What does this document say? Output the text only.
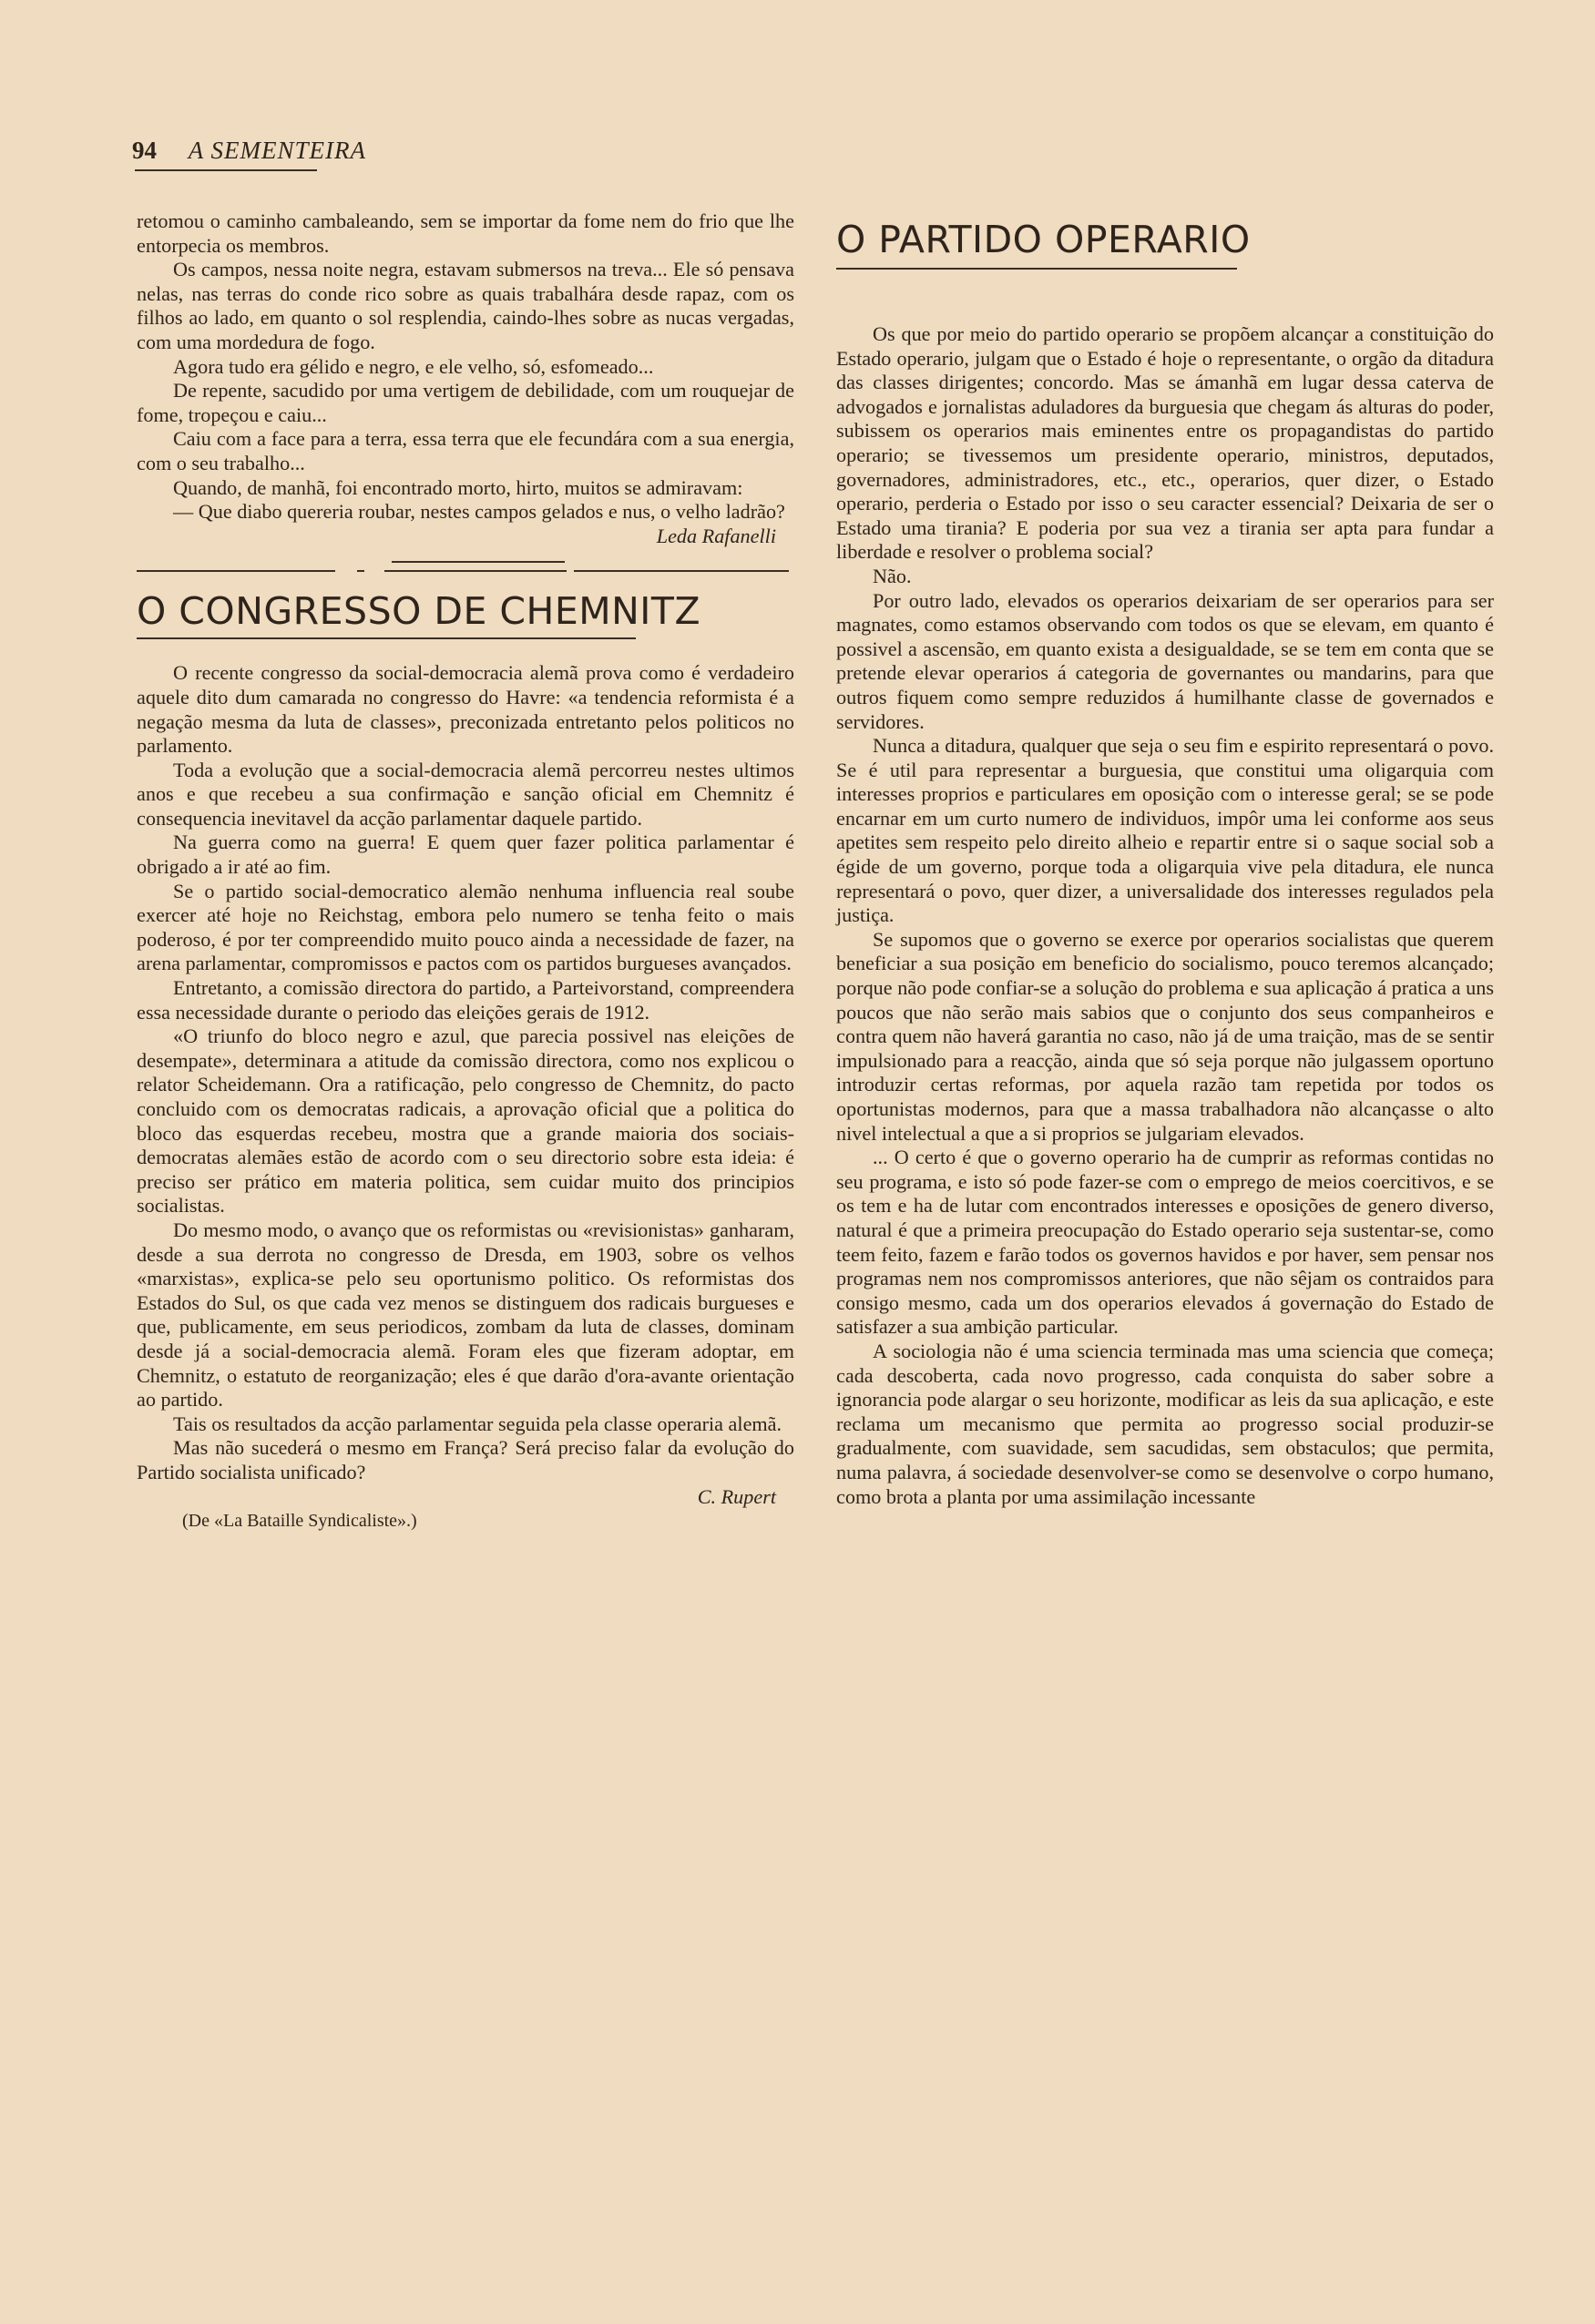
94 A SEMENTEIRA

retomou o caminho cambaleando, sem se importar da fome nem do frio que lhe entorpecia os membros.

Os campos, nessa noite negra, estavam submersos na treva... Ele só pensava nelas, nas terras do conde rico sobre as quais trabalhára desde rapaz, com os filhos ao lado, em quanto o sol resplendia, caindo-lhes sobre as nucas vergadas, com uma mordedura de fogo.

Agora tudo era gélido e negro, e ele velho, só, esfomeado...

De repente, sacudido por uma vertigem de debilidade, com um rouquejar de fome, tropeçou e caiu...

Caiu com a face para a terra, essa terra que ele fecundára com a sua energia, com o seu trabalho...

Quando, de manhã, foi encontrado morto, hirto, muitos se admiravam:

— Que diabo quereria roubar, nestes campos gelados e nus, o velho ladrão?

Leda Rafanelli

O CONGRESSO DE CHEMNITZ

O recente congresso da social-democracia alemã prova como é verdadeiro aquele dito dum camarada no congresso do Havre: «a tendencia reformista é a negação mesma da luta de classes», preconizada entretanto pelos politicos no parlamento.

Toda a evolução que a social-democracia alemã percorreu nestes ultimos anos e que recebeu a sua confirmação e sanção oficial em Chemnitz é consequencia inevitavel da acção parlamentar daquele partido.

Na guerra como na guerra! E quem quer fazer politica parlamentar é obrigado a ir até ao fim.

Se o partido social-democratico alemão nenhuma influencia real soube exercer até hoje no Reichstag, embora pelo numero se tenha feito o mais poderoso, é por ter compreendido muito pouco ainda a necessidade de fazer, na arena parlamentar, compromissos e pactos com os partidos burgueses avançados.

Entretanto, a comissão directora do partido, a Parteivorstand, compreendera essa necessidade durante o periodo das eleições gerais de 1912.

«O triunfo do bloco negro e azul, que parecia possivel nas eleições de desempate», determinara a atitude da comissão directora, como nos explicou o relator Scheidemann. Ora a ratificação, pelo congresso de Chemnitz, do pacto concluido com os democratas radicais, a aprovação oficial que a politica do bloco das esquerdas recebeu, mostra que a grande maioria dos sociais-democratas alemães estão de acordo com o seu directorio sobre esta ideia: é preciso ser prático em materia politica, sem cuidar muito dos principios socialistas.

Do mesmo modo, o avanço que os reformistas ou «revisionistas» ganharam, desde a sua derrota no congresso de Dresda, em 1903, sobre os velhos «marxistas», explica-se pelo seu oportunismo politico. Os reformistas dos Estados do Sul, os que cada vez menos se distinguem dos radicais burgueses e que, publicamente, em seus periodicos, zombam da luta de classes, dominam desde já a social-democracia alemã. Foram eles que fizeram adoptar, em Chemnitz, o estatuto de reorganização; eles é que darão d'ora-avante orientação ao partido.

Tais os resultados da acção parlamentar seguida pela classe operaria alemã.

Mas não sucederá o mesmo em França? Será preciso falar da evolução do Partido socialista unificado?

C. Rupert

(De «La Bataille Syndicaliste».)

O PARTIDO OPERARIO

Os que por meio do partido operario se propõem alcançar a constituição do Estado operario, julgam que o Estado é hoje o representante, o orgão da ditadura das classes dirigentes; concordo. Mas se ámanhã em lugar dessa caterva de advogados e jornalistas aduladores da burguesia que chegam ás alturas do poder, subissem os operarios mais eminentes entre os propagandistas do partido operario; se tivessemos um presidente operario, ministros, deputados, governadores, administradores, etc., etc., operarios, quer dizer, o Estado operario, perderia o Estado por isso o seu caracter essencial? Deixaria de ser o Estado uma tirania? E poderia por sua vez a tirania ser apta para fundar a liberdade e resolver o problema social?

Não.

Por outro lado, elevados os operarios deixariam de ser operarios para ser magnates, como estamos observando com todos os que se elevam, em quanto é possivel a ascensão, em quanto exista a desigualdade, se se tem em conta que se pretende elevar operarios á categoria de governantes ou mandarins, para que outros fiquem como sempre reduzidos á humilhante classe de governados e servidores.

Nunca a ditadura, qualquer que seja o seu fim e espirito representará o povo. Se é util para representar a burguesia, que constitui uma oligarquia com interesses proprios e particulares em oposição com o interesse geral; se se pode encarnar em um curto numero de individuos, impôr uma lei conforme aos seus apetites sem respeito pelo direito alheio e repartir entre si o saque social sob a égide de um governo, porque toda a oligarquia vive pela ditadura, ele nunca representará o povo, quer dizer, a universalidade dos interesses regulados pela justiça.

Se supomos que o governo se exerce por operarios socialistas que querem beneficiar a sua posição em beneficio do socialismo, pouco teremos alcançado; porque não pode confiar-se a solução do problema e sua aplicação á pratica a uns poucos que não serão mais sabios que o conjunto dos seus companheiros e contra quem não haverá garantia no caso, não já de uma traição, mas de se sentir impulsionado para a reacção, ainda que só seja porque não julgassem oportuno introduzir certas reformas, por aquela razão tam repetida por todos os oportunistas modernos, para que a massa trabalhadora não alcançasse o alto nivel intelectual a que a si proprios se julgariam elevados.

... O certo é que o governo operario ha de cumprir as reformas contidas no seu programa, e isto só pode fazer-se com o emprego de meios coercitivos, e se os tem e ha de lutar com encontrados interesses e oposições de genero diverso, natural é que a primeira preocupação do Estado operario seja sustentar-se, como teem feito, fazem e farão todos os governos havidos e por haver, sem pensar nos programas nem nos compromissos anteriores, que não sêjam os contraidos para consigo mesmo, cada um dos operarios elevados á governação do Estado de satisfazer a sua ambição particular.

A sociologia não é uma sciencia terminada mas uma sciencia que começa; cada descoberta, cada novo progresso, cada conquista do saber sobre a ignorancia pode alargar o seu horizonte, modificar as leis da sua aplicação, e este reclama um mecanismo que permita ao progresso social produzir-se gradualmente, com suavidade, sem sacudidas, sem obstaculos; que permita, numa palavra, á sociedade desenvolver-se como se desenvolve o corpo humano, como brota a planta por uma assimilação incessante
